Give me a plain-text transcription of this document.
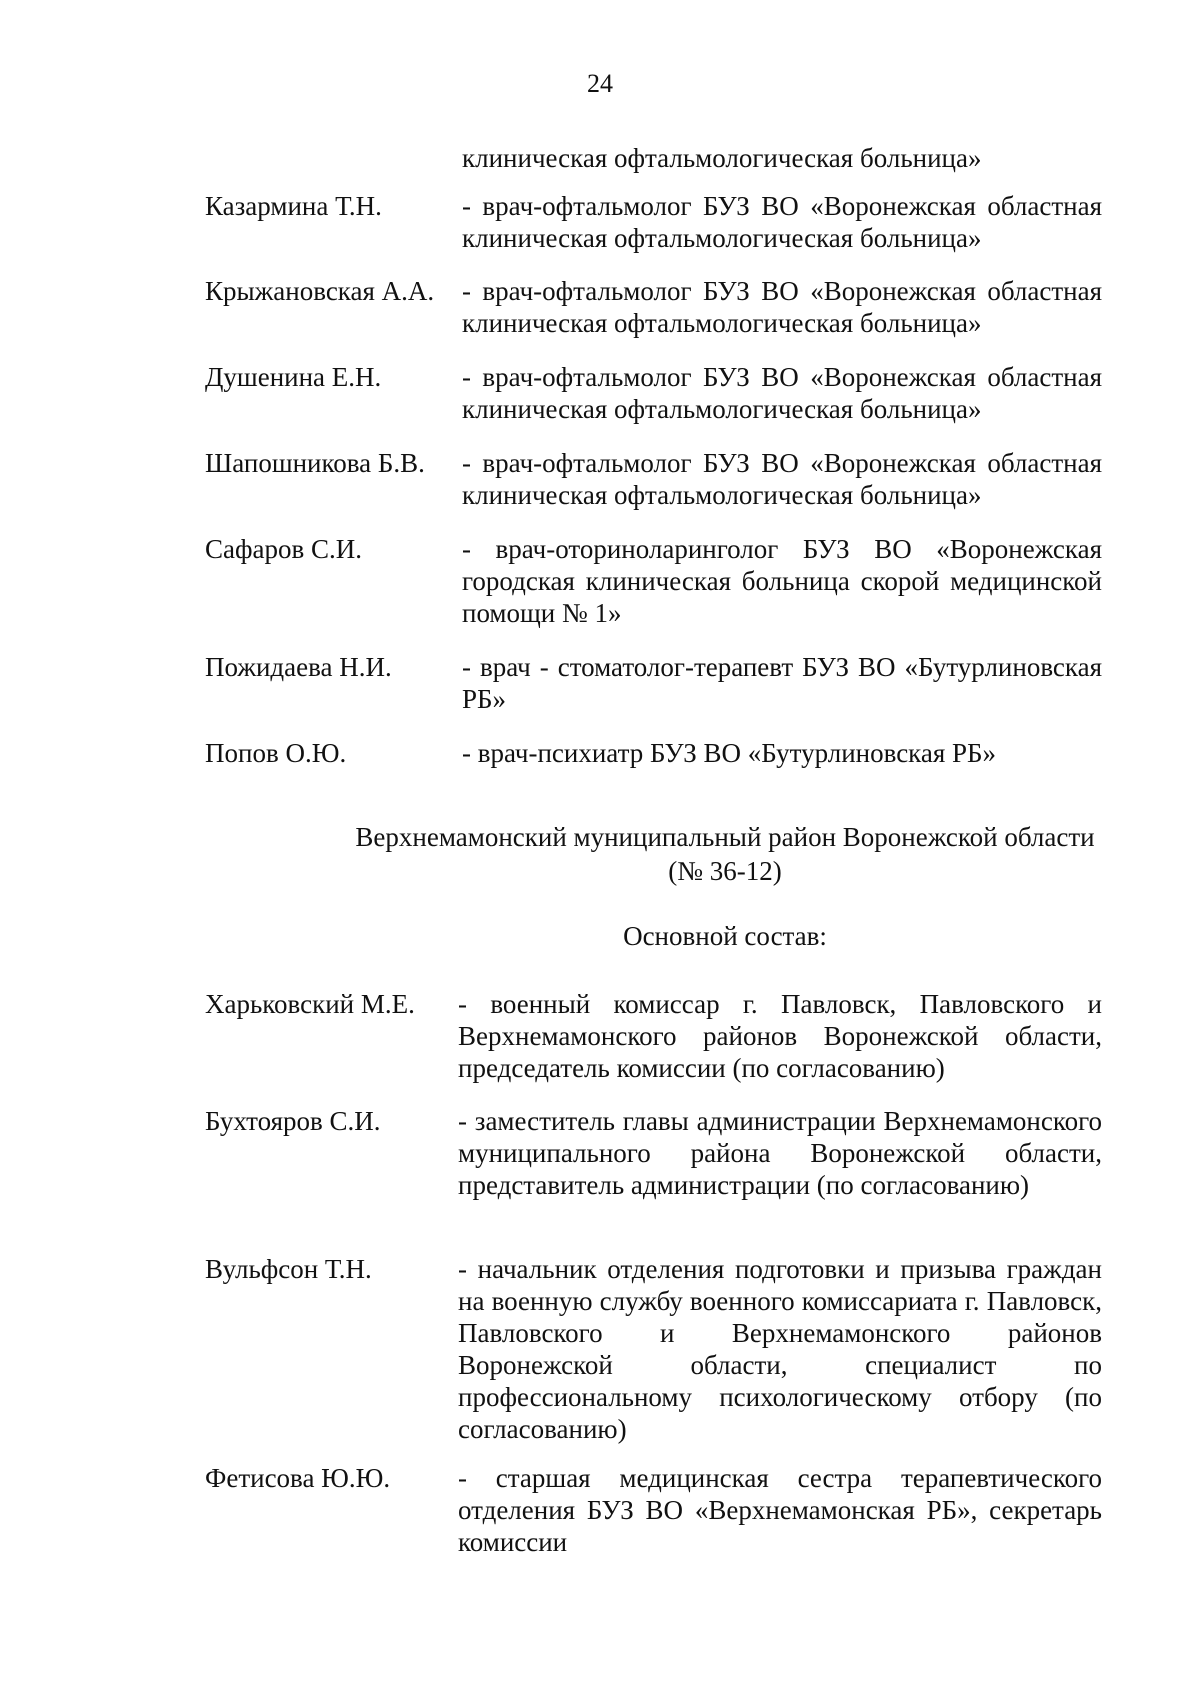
24
клиническая офтальмологическая больница»
Казармина Т.Н.	- врач-офтальмолог БУЗ ВО «Воронежская областная клиническая офтальмологическая больница»
Крыжановская А.А.	- врач-офтальмолог БУЗ ВО «Воронежская областная клиническая офтальмологическая больница»
Душенина Е.Н.	- врач-офтальмолог БУЗ ВО «Воронежская областная клиническая офтальмологическая больница»
Шапошникова Б.В.	- врач-офтальмолог БУЗ ВО «Воронежская областная клиническая офтальмологическая больница»
Сафаров С.И.	- врач-оториноларинголог БУЗ ВО «Воронежская городская клиническая больница скорой медицинской помощи № 1»
Пожидаева Н.И.	- врач - стоматолог-терапевт БУЗ ВО «Бутурлиновская РБ»
Попов О.Ю.	- врач-психиатр БУЗ ВО «Бутурлиновская РБ»
Верхнемамонский муниципальный район Воронежской области
(№ 36-12)
Основной состав:
Харьковский М.Е.	- военный комиссар г. Павловск, Павловского и Верхнемамонского районов Воронежской области, председатель комиссии (по согласованию)
Бухтояров С.И.	- заместитель главы администрации Верхнемамонского муниципального района Воронежской области, представитель администрации (по согласованию)
Вульфсон Т.Н.	- начальник отделения подготовки и призыва граждан на военную службу военного комиссариата г. Павловск, Павловского и Верхнемамонского районов Воронежской области, специалист по профессиональному психологическому отбору (по согласованию)
Фетисова Ю.Ю.	- старшая медицинская сестра терапевтического отделения БУЗ ВО «Верхнемамонская РБ», секретарь комиссии
